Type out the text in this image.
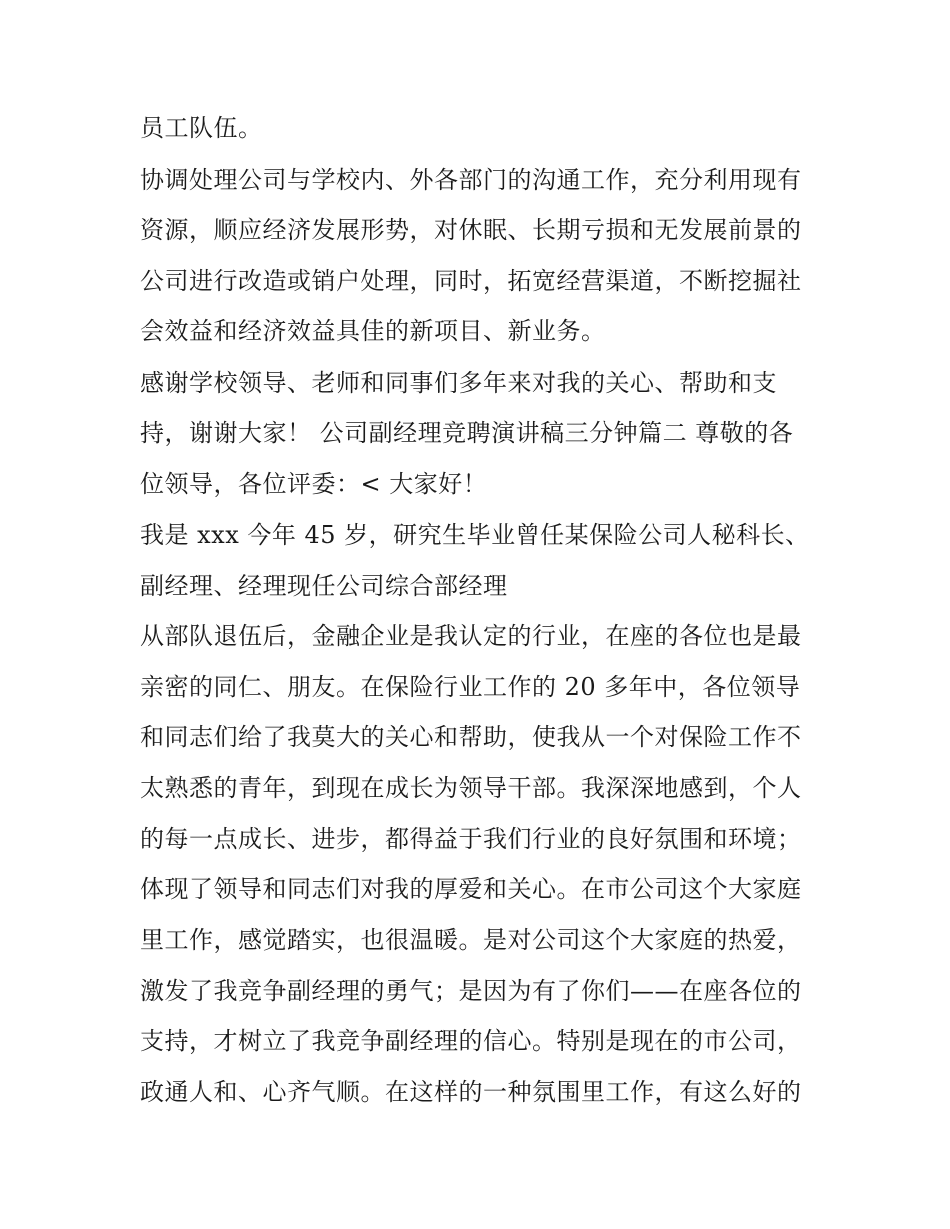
员工队伍。
协调处理公司与学校内、外各部门的沟通工作，充分利用现有
资源，顺应经济发展形势，对休眠、长期亏损和无发展前景的
公司进行改造或销户处理，同时，拓宽经营渠道，不断挖掘社
会效益和经济效益具佳的新项目、新业务。
感谢学校领导、老师和同事们多年来对我的关心、帮助和支
持，谢谢大家！ 公司副经理竞聘演讲稿三分钟篇二 尊敬的各
位领导，各位评委：< 大家好！
我是 xxx 今年 45 岁，研究生毕业曾任某保险公司人秘科长、
副经理、经理现任公司综合部经理
从部队退伍后，金融企业是我认定的行业，在座的各位也是最
亲密的同仁、朋友。在保险行业工作的 20 多年中，各位领导
和同志们给了我莫大的关心和帮助，使我从一个对保险工作不
太熟悉的青年，到现在成长为领导干部。我深深地感到，个人
的每一点成长、进步，都得益于我们行业的良好氛围和环境；
体现了领导和同志们对我的厚爱和关心。在市公司这个大家庭
里工作，感觉踏实，也很温暖。是对公司这个大家庭的热爱，
激发了我竞争副经理的勇气；是因为有了你们——在座各位的
支持，才树立了我竞争副经理的信心。特别是现在的市公司，
政通人和、心齐气顺。在这样的一种氛围里工作，有这么好的
